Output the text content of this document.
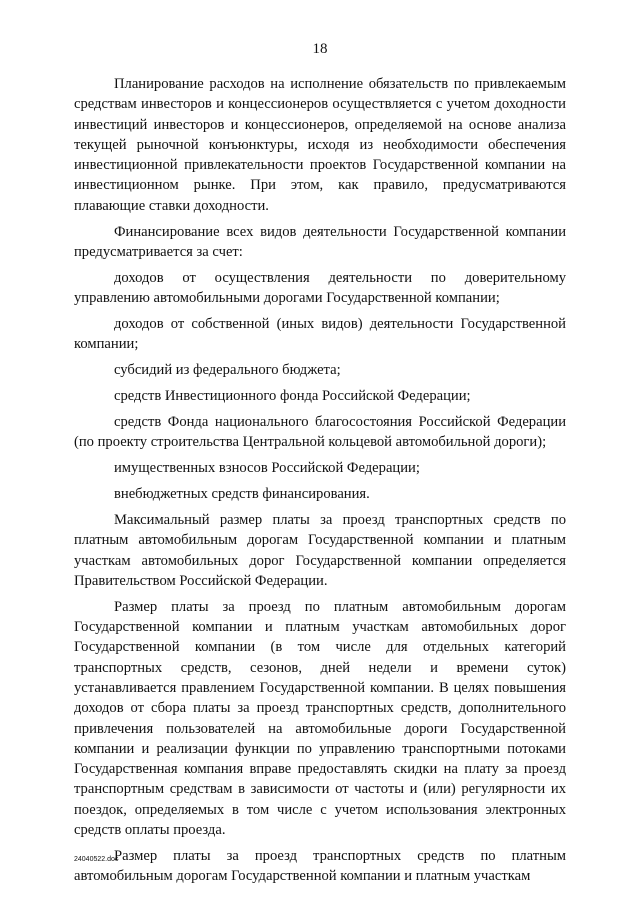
18

Планирование расходов на исполнение обязательств по привлекаемым средствам инвесторов и концессионеров осуществляется с учетом доходности инвестиций инвесторов и концессионеров, определяемой на основе анализа текущей рыночной конъюнктуры, исходя из необходимости обеспечения инвестиционной привлекательности проектов Государственной компании на инвестиционном рынке. При этом, как правило, предусматриваются плавающие ставки доходности.

Финансирование всех видов деятельности Государственной компании предусматривается за счет:

доходов от осуществления деятельности по доверительному управлению автомобильными дорогами Государственной компании;

доходов от собственной (иных видов) деятельности Государственной компании;

субсидий из федерального бюджета;

средств Инвестиционного фонда Российской Федерации;

средств Фонда национального благосостояния Российской Федерации (по проекту строительства Центральной кольцевой автомобильной дороги);

имущественных взносов Российской Федерации;

внебюджетных средств финансирования.

Максимальный размер платы за проезд транспортных средств по платным автомобильным дорогам Государственной компании и платным участкам автомобильных дорог Государственной компании определяется Правительством Российской Федерации.

Размер платы за проезд по платным автомобильным дорогам Государственной компании и платным участкам автомобильных дорог Государственной компании (в том числе для отдельных категорий транспортных средств, сезонов, дней недели и времени суток) устанавливается правлением Государственной компании. В целях повышения доходов от сбора платы за проезд транспортных средств, дополнительного привлечения пользователей на автомобильные дороги Государственной компании и реализации функции по управлению транспортными потоками Государственная компания вправе предоставлять скидки на плату за проезд транспортным средствам в зависимости от частоты и (или) регулярности их поездок, определяемых в том числе с учетом использования электронных средств оплаты проезда.

Размер платы за проезд транспортных средств по платным автомобильным дорогам Государственной компании и платным участкам

24040522.doc
